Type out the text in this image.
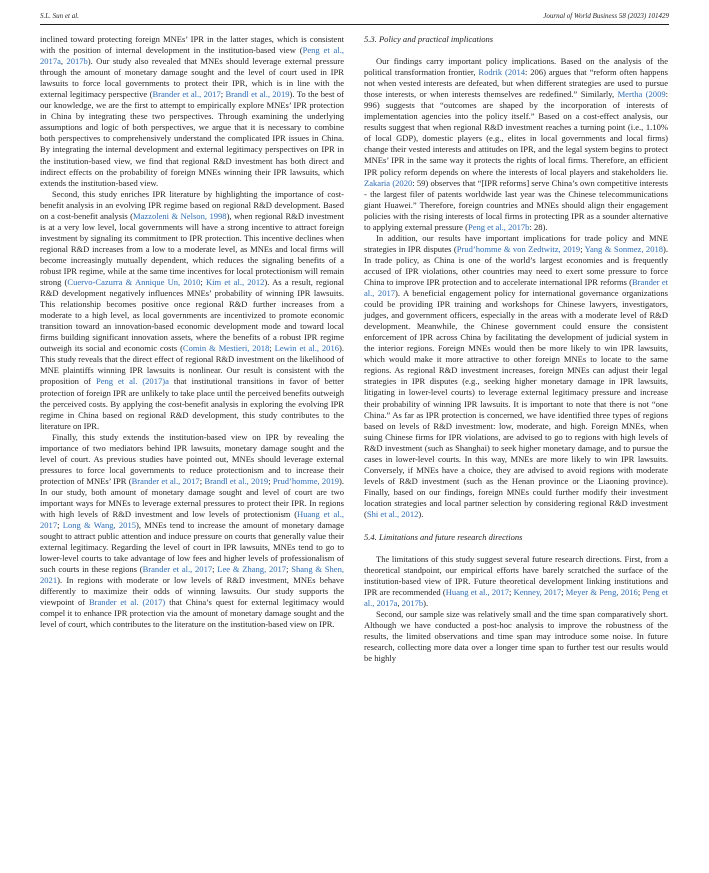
S.L. Sun et al.	Journal of World Business 58 (2023) 101429

inclined toward protecting foreign MNEs’ IPR in the latter stages, which is consistent with the position of internal development in the institution-based view (Peng et al., 2017a, 2017b). Our study also revealed that MNEs should leverage external pressure through the amount of monetary damage sought and the level of court used in IPR lawsuits to force local governments to protect their IPR, which is in line with the external legitimacy perspective (Brander et al., 2017; Brandl et al., 2019). To the best of our knowledge, we are the first to attempt to empirically explore MNEs’ IPR protection in China by integrating these two perspectives. Through examining the underlying assumptions and logic of both perspectives, we argue that it is necessary to combine both perspectives to comprehensively understand the complicated IPR issues in China. By integrating the internal development and external legitimacy perspectives on IPR in the institution-based view, we find that regional R&D investment has both direct and indirect effects on the probability of foreign MNEs winning their IPR lawsuits, which extends the institution-based view.

Second, this study enriches IPR literature by highlighting the importance of cost-benefit analysis in an evolving IPR regime based on regional R&D development. Based on a cost-benefit analysis (Mazzoleni & Nelson, 1998), when regional R&D investment is at a very low level, local governments will have a strong incentive to attract foreign investment by signaling its commitment to IPR protection. This incentive declines when regional R&D increases from a low to a moderate level, as MNEs and local firms will become increasingly mutually dependent, which reduces the signaling benefits of a robust IPR regime, while at the same time incentives for local protectionism will remain strong (Cuervo-Cazurra & Annique Un, 2010; Kim et al., 2012). As a result, regional R&D development negatively influences MNEs’ probability of winning IPR lawsuits. This relationship becomes positive once regional R&D further increases from a moderate to a high level, as local governments are incentivized to promote economic transition toward an innovation-based economic development mode and toward local firms building significant innovation assets, where the benefits of a robust IPR regime outweigh its social and economic costs (Comin & Mestieri, 2018; Lewin et al., 2016). This study reveals that the direct effect of regional R&D investment on the likelihood of MNE plaintiffs winning IPR lawsuits is nonlinear. Our result is consistent with the proposition of Peng et al. (2017)a that institutional transitions in favor of better protection of foreign IPR are unlikely to take place until the perceived benefits outweigh the perceived costs. By applying the cost-benefit analysis in exploring the evolving IPR regime in China based on regional R&D development, this study contributes to the literature on IPR.

Finally, this study extends the institution-based view on IPR by revealing the importance of two mediators behind IPR lawsuits, monetary damage sought and the level of court. As previous studies have pointed out, MNEs should leverage external pressures to force local governments to reduce protectionism and to increase their protection of MNEs’ IPR (Brander et al., 2017; Brandl et al., 2019; Prud’homme, 2019). In our study, both amount of monetary damage sought and level of court are two important ways for MNEs to leverage external pressures to protect their IPR. In regions with high levels of R&D investment and low levels of protectionism (Huang et al., 2017; Long & Wang, 2015), MNEs tend to increase the amount of monetary damage sought to attract public attention and induce pressure on courts that generally value their external legitimacy. Regarding the level of court in IPR lawsuits, MNEs tend to go to lower-level courts to take advantage of low fees and higher levels of professionalism of such courts in these regions (Brander et al., 2017; Lee & Zhang, 2017; Shang & Shen, 2021). In regions with moderate or low levels of R&D investment, MNEs behave differently to maximize their odds of winning lawsuits. Our study supports the viewpoint of Brander et al. (2017) that China’s quest for external legitimacy would compel it to enhance IPR protection via the amount of monetary damage sought and the level of court, which contributes to the literature on the institution-based view on IPR.

5.3. Policy and practical implications

Our findings carry important policy implications. Based on the analysis of the political transformation frontier, Rodrik (2014: 206) argues that “reform often happens not when vested interests are defeated, but when different strategies are used to pursue those interests, or when interests themselves are redefined.” Similarly, Mertha (2009: 996) suggests that “outcomes are shaped by the incorporation of interests of implementation agencies into the policy itself.” Based on a cost-effect analysis, our results suggest that when regional R&D investment reaches a turning point (i.e., 1.10% of local GDP), domestic players (e.g., elites in local governments and local firms) change their vested interests and attitudes on IPR, and the legal system begins to protect MNEs’ IPR in the same way it protects the rights of local firms. Therefore, an efficient IPR policy reform depends on where the interests of local players and stakeholders lie. Zakaria (2020: 59) observes that “[IPR reforms] serve China’s own competitive interests - the largest filer of patents worldwide last year was the Chinese telecommunications giant Huawei.” Therefore, foreign countries and MNEs should align their engagement policies with the rising interests of local firms in protecting IPR as a sounder alternative to applying external pressure (Peng et al., 2017b: 28).

In addition, our results have important implications for trade policy and MNE strategies in IPR disputes (Prud’homme & von Zedtwitz, 2019; Yang & Sonmez, 2018). In trade policy, as China is one of the world’s largest economies and is frequently accused of IPR violations, other countries may need to exert some pressure to force China to improve IPR protection and to accelerate international IPR reforms (Brander et al., 2017). A beneficial engagement policy for international governance organizations could be providing IPR training and workshops for Chinese lawyers, investigators, judges, and government officers, especially in the areas with a moderate level of R&D development. Meanwhile, the Chinese government could ensure the consistent enforcement of IPR across China by facilitating the development of judicial system in the interior regions. Foreign MNEs would then be more likely to win IPR lawsuits, which would make it more attractive to other foreign MNEs to locate to the same regions. As regional R&D investment increases, foreign MNEs can adjust their legal strategies in IPR disputes (e.g., seeking higher monetary damage in IPR lawsuits, litigating in lower-level courts) to leverage external legitimacy pressure and increase their probability of winning IPR lawsuits. It is important to note that there is not “one China.” As far as IPR protection is concerned, we have identified three types of regions based on levels of R&D investment: low, moderate, and high. Foreign MNEs, when suing Chinese firms for IPR violations, are advised to go to regions with high levels of R&D investment (such as Shanghai) to seek higher monetary damage, and to pursue the cases in lower-level courts. In this way, MNEs are more likely to win IPR lawsuits. Conversely, if MNEs have a choice, they are advised to avoid regions with moderate levels of R&D investment (such as the Henan province or the Liaoning province). Finally, based on our findings, foreign MNEs could further modify their investment location strategies and local partner selection by considering regional R&D investment (Shi et al., 2012).

5.4. Limitations and future research directions

The limitations of this study suggest several future research directions. First, from a theoretical standpoint, our empirical efforts have barely scratched the surface of the institution-based view of IPR. Future theoretical development linking institutions and IPR are recommended (Huang et al., 2017; Kenney, 2017; Meyer & Peng, 2016; Peng et al., 2017a, 2017b).

Second, our sample size was relatively small and the time span comparatively short. Although we have conducted a post-hoc analysis to improve the robustness of the results, the limited observations and time span may introduce some noise. In future research, collecting more data over a longer time span to further test our results would be highly
